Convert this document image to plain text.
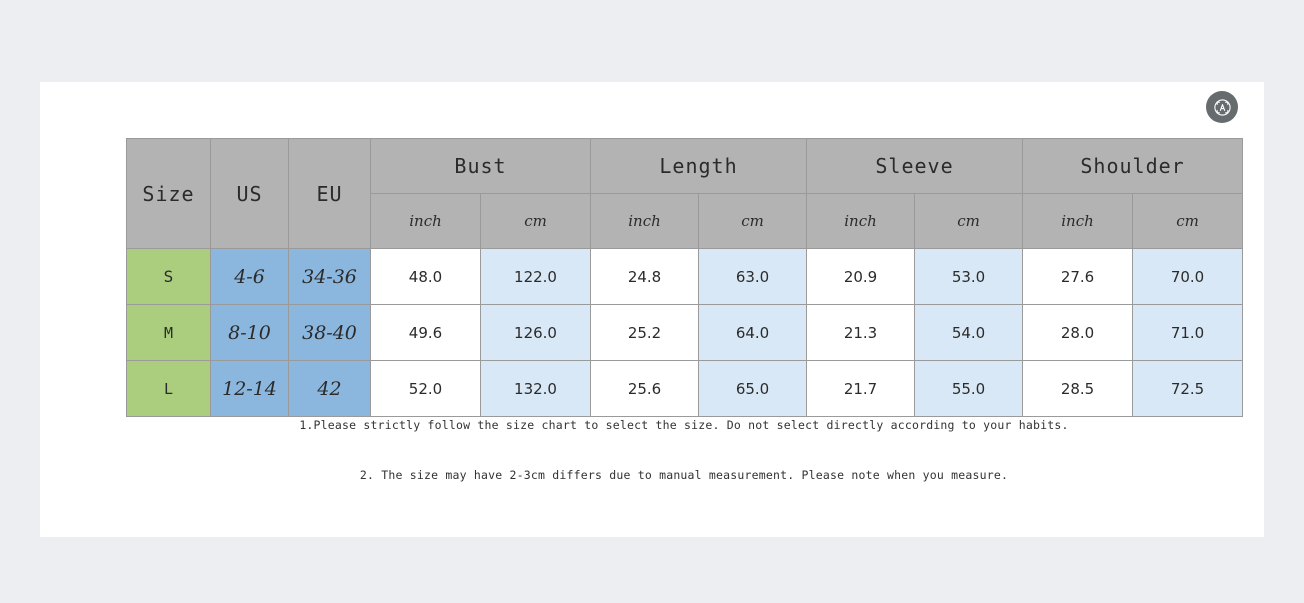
Size	US	EU	Bust		Length		Sleeve		Shoulder	
			inch	cm	inch	cm	inch	cm	inch	cm
S	4-6	34-36	48.0	122.0	24.8	63.0	20.9	53.0	27.6	70.0
M	8-10	38-40	49.6	126.0	25.2	64.0	21.3	54.0	28.0	71.0
L	12-14	42	52.0	132.0	25.6	65.0	21.7	55.0	28.5	72.5
1.Please strictly follow the size chart to select the size. Do not select directly according to your habits.
2. The size may have 2-3cm differs due to manual measurement. Please note when you measure.
